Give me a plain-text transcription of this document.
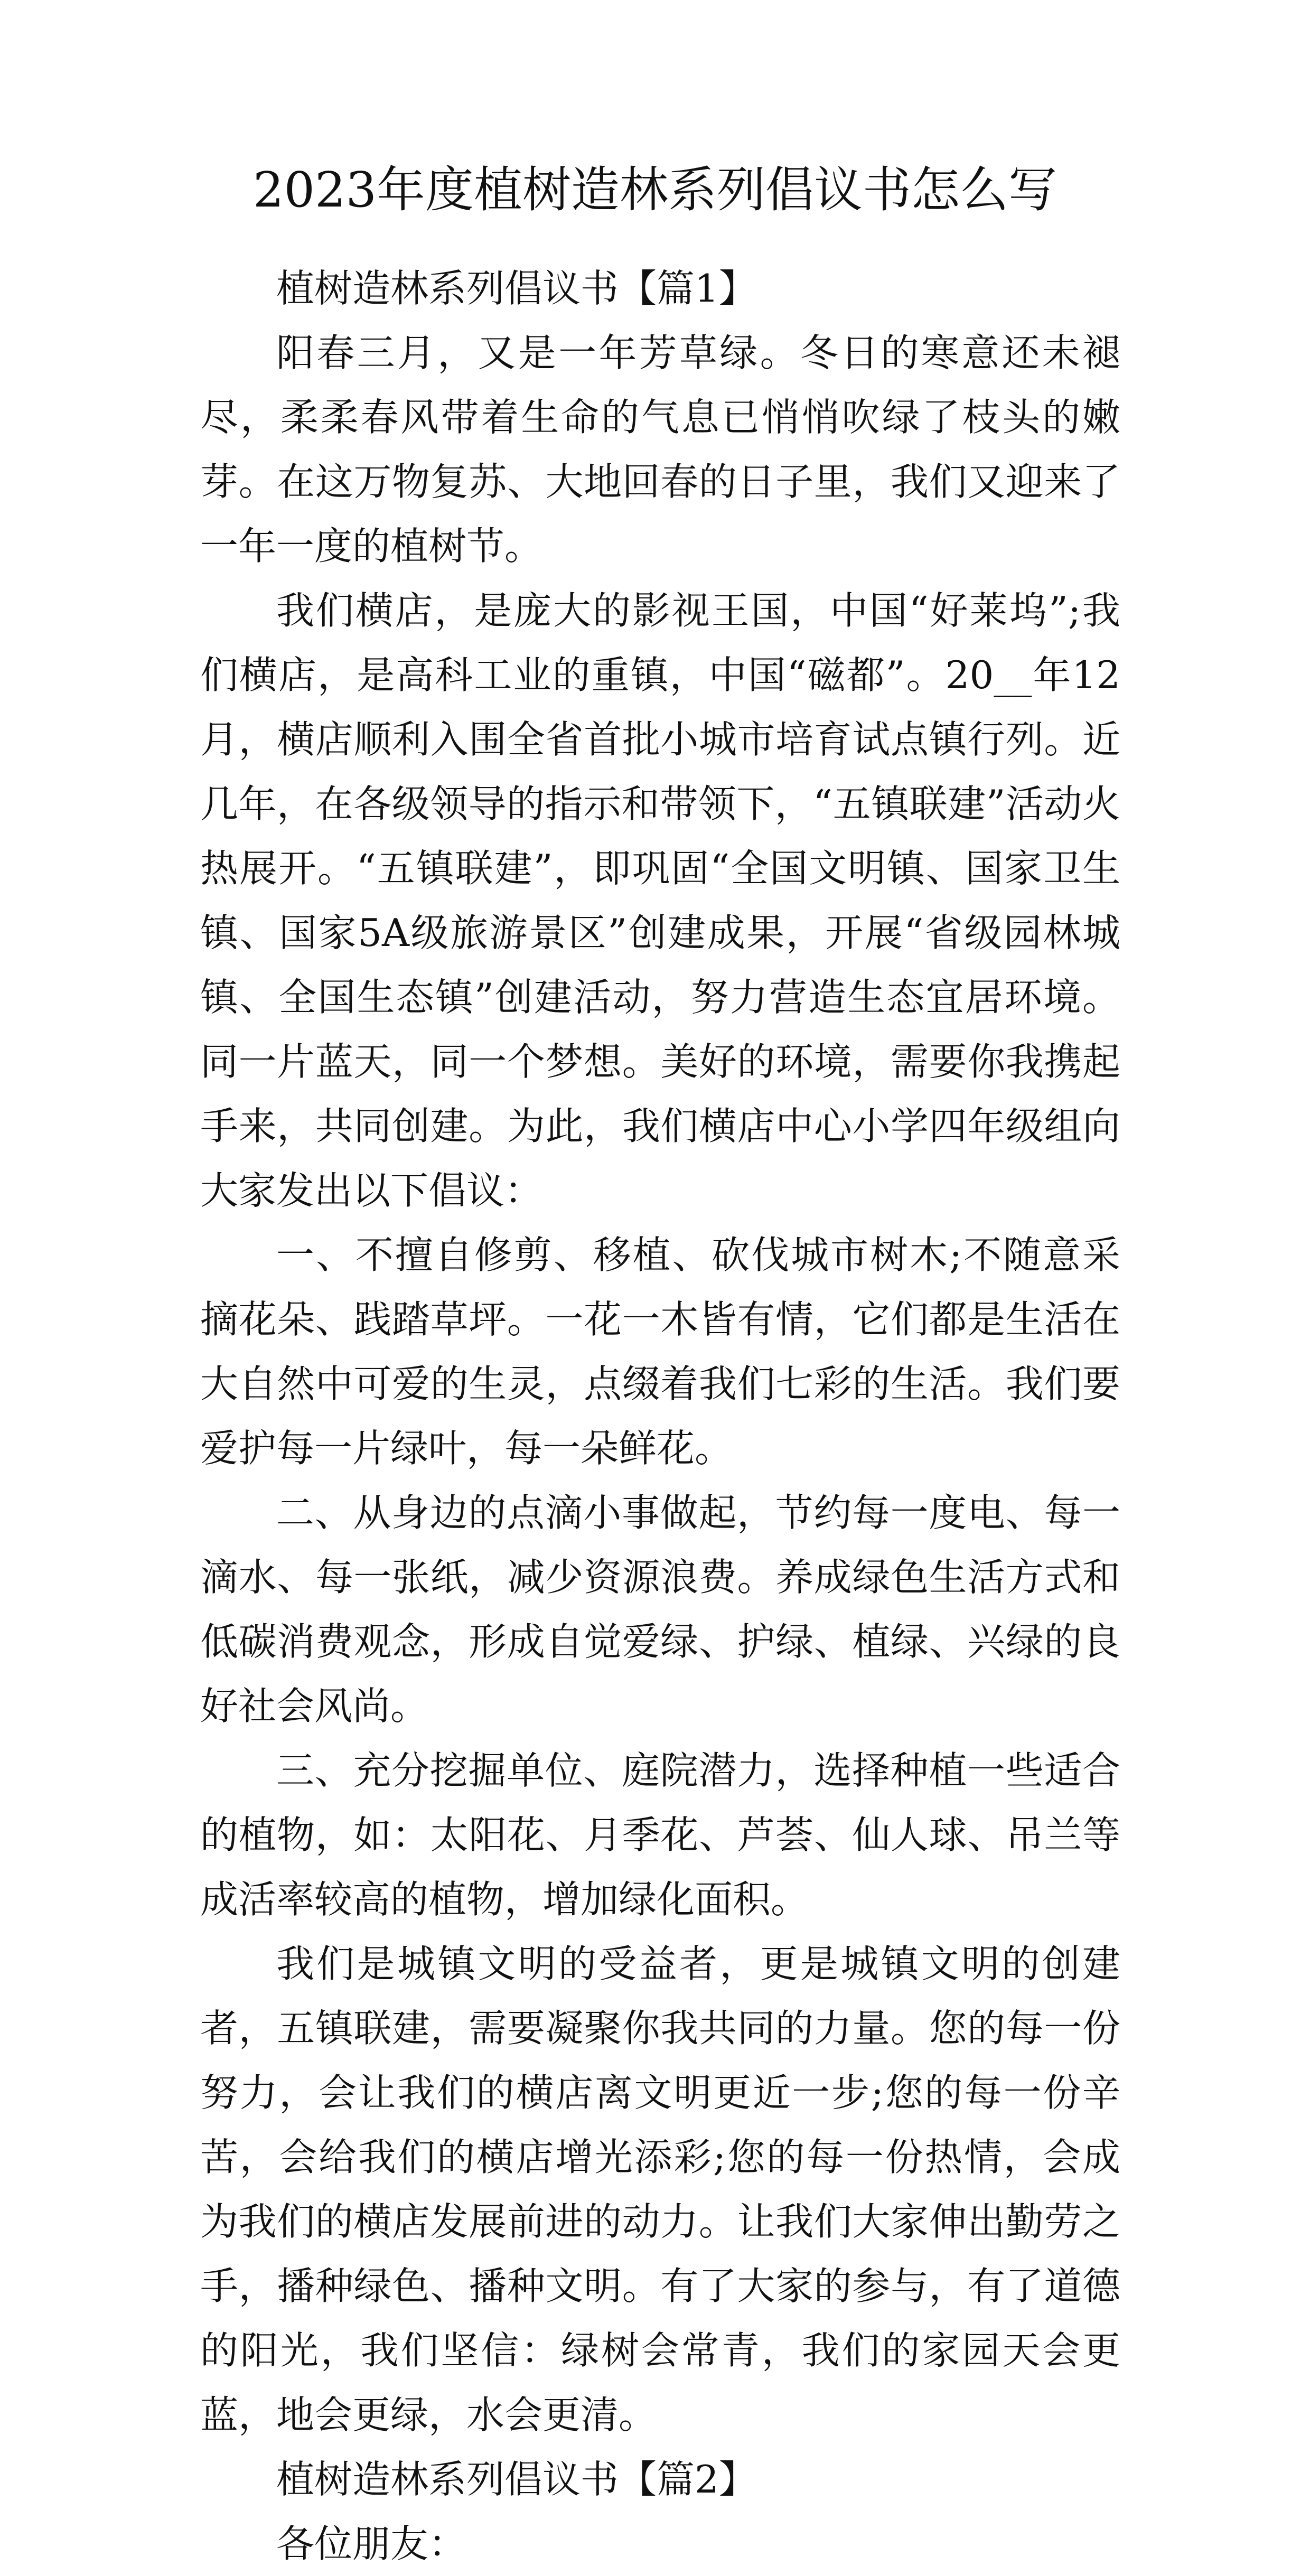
2023年度植树造林系列倡议书怎么写

植树造林系列倡议书【篇1】

阳春三月，又是一年芳草绿。冬日的寒意还未褪尽，柔柔春风带着生命的气息已悄悄吹绿了枝头的嫩芽。在这万物复苏、大地回春的日子里，我们又迎来了一年一度的植树节。

我们横店，是庞大的影视王国，中国“好莱坞”;我们横店，是高科工业的重镇，中国“磁都”。20__年12月，横店顺利入围全省首批小城市培育试点镇行列。近几年，在各级领导的指示和带领下，“五镇联建”活动火热展开。“五镇联建”，即巩固“全国文明镇、国家卫生镇、国家5A级旅游景区”创建成果，开展“省级园林城镇、全国生态镇”创建活动，努力营造生态宜居环境。同一片蓝天，同一个梦想。美好的环境，需要你我携起手来，共同创建。为此，我们横店中心小学四年级组向大家发出以下倡议：

一、不擅自修剪、移植、砍伐城市树木;不随意采摘花朵、践踏草坪。一花一木皆有情，它们都是生活在大自然中可爱的生灵，点缀着我们七彩的生活。我们要爱护每一片绿叶，每一朵鲜花。

二、从身边的点滴小事做起，节约每一度电、每一滴水、每一张纸，减少资源浪费。养成绿色生活方式和低碳消费观念，形成自觉爱绿、护绿、植绿、兴绿的良好社会风尚。

三、充分挖掘单位、庭院潜力，选择种植一些适合的植物，如：太阳花、月季花、芦荟、仙人球、吊兰等成活率较高的植物，增加绿化面积。

我们是城镇文明的受益者，更是城镇文明的创建者，五镇联建，需要凝聚你我共同的力量。您的每一份努力，会让我们的横店离文明更近一步;您的每一份辛苦，会给我们的横店增光添彩;您的每一份热情，会成为我们的横店发展前进的动力。让我们大家伸出勤劳之手，播种绿色、播种文明。有了大家的参与，有了道德的阳光，我们坚信：绿树会常青，我们的家园天会更蓝，地会更绿，水会更清。

植树造林系列倡议书【篇2】

各位朋友：
